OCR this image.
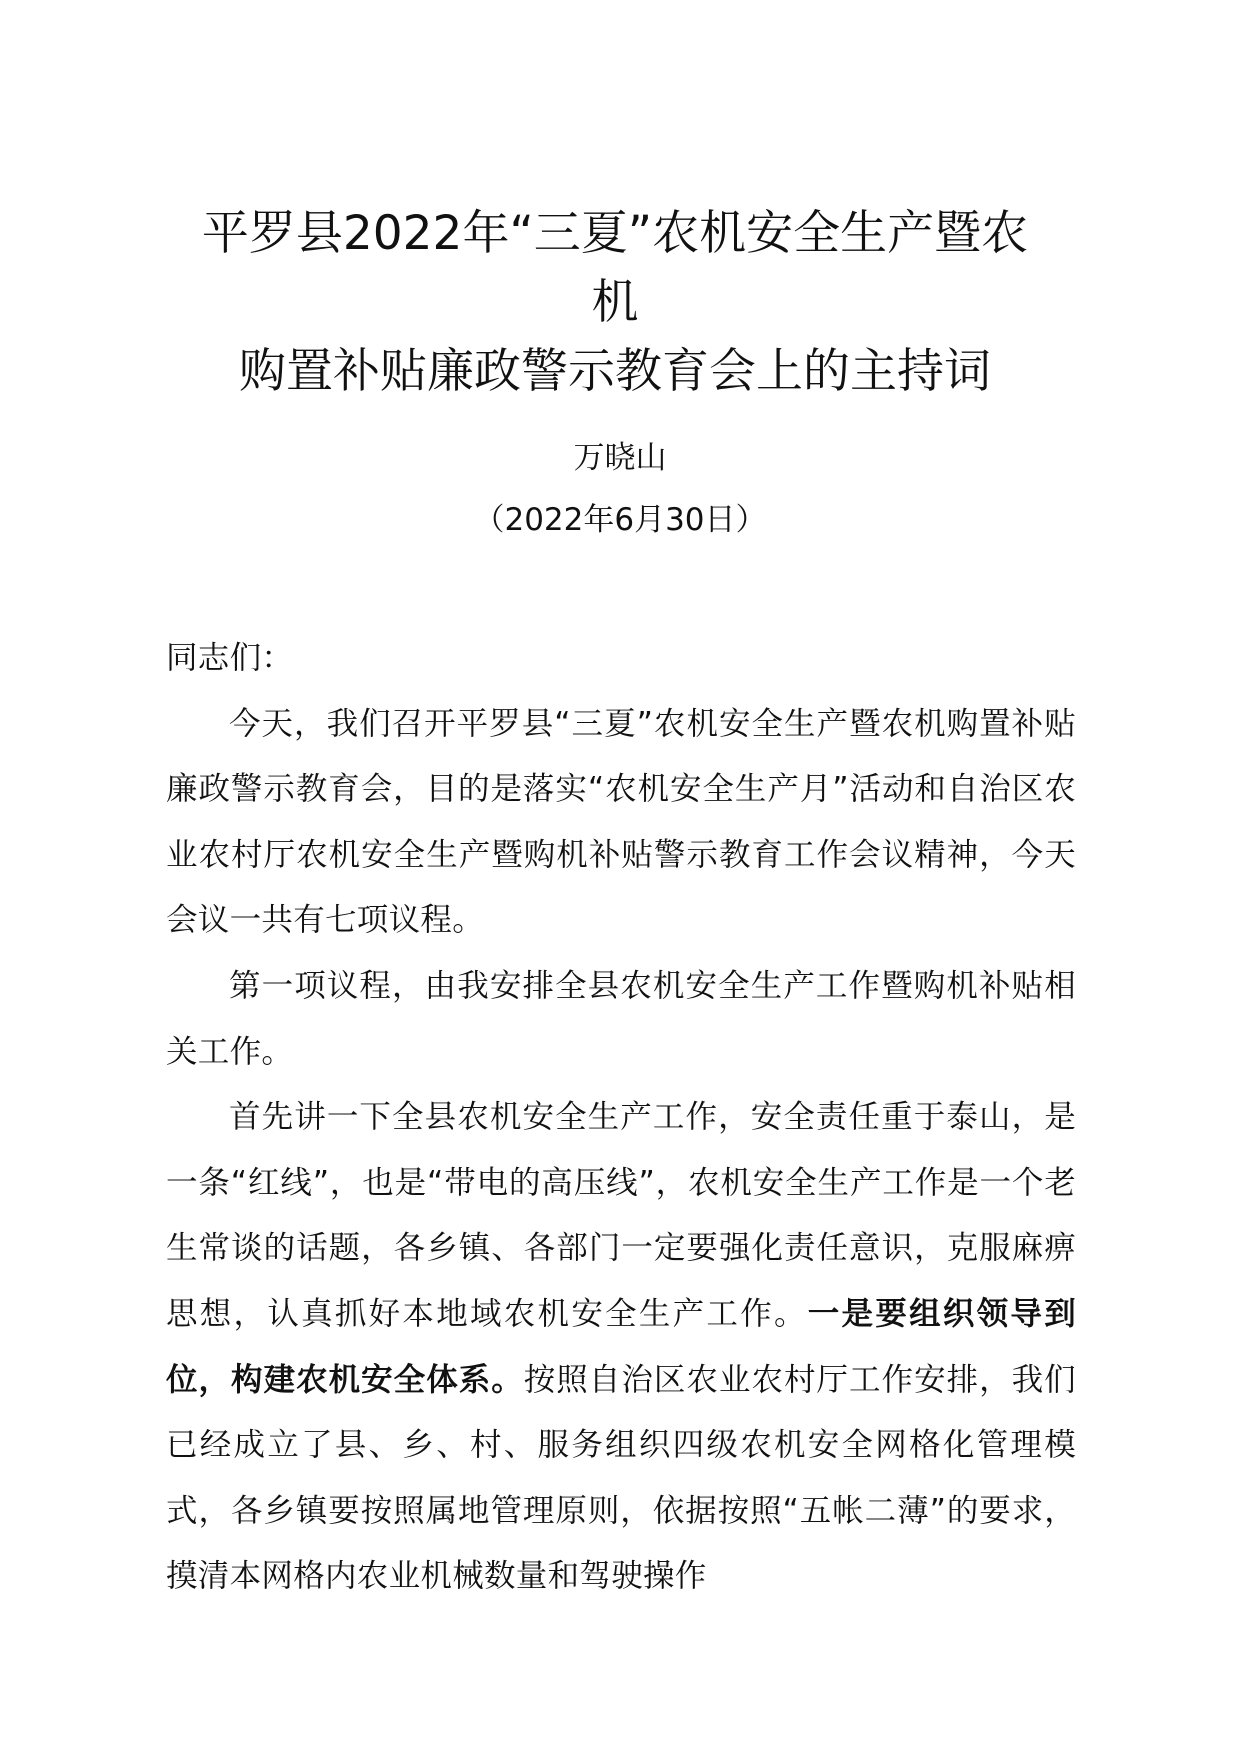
平罗县2022年“三夏”农机安全生产暨农
机
购置补贴廉政警示教育会上的主持词
万晓山
（2022年6月30日）

同志们：

今天，我们召开平罗县“三夏”农机安全生产暨农机购置补贴廉政警示教育会，目的是落实“农机安全生产月”活动和自治区农业农村厅农机安全生产暨购机补贴警示教育工作会议精神，今天会议一共有七项议程。

第一项议程，由我安排全县农机安全生产工作暨购机补贴相关工作。

首先讲一下全县农机安全生产工作，安全责任重于泰山，是一条“红线”，也是“带电的高压线”，农机安全生产工作是一个老生常谈的话题，各乡镇、各部门一定要强化责任意识，克服麻痹思想，认真抓好本地域农机安全生产工作。一是要组织领导到位，构建农机安全体系。按照自治区农业农村厅工作安排，我们已经成立了县、乡、村、服务组织四级农机安全网格化管理模式，各乡镇要按照属地管理原则，依据按照“五帐二薄”的要求，摸清本网格内农业机械数量和驾驶操作
